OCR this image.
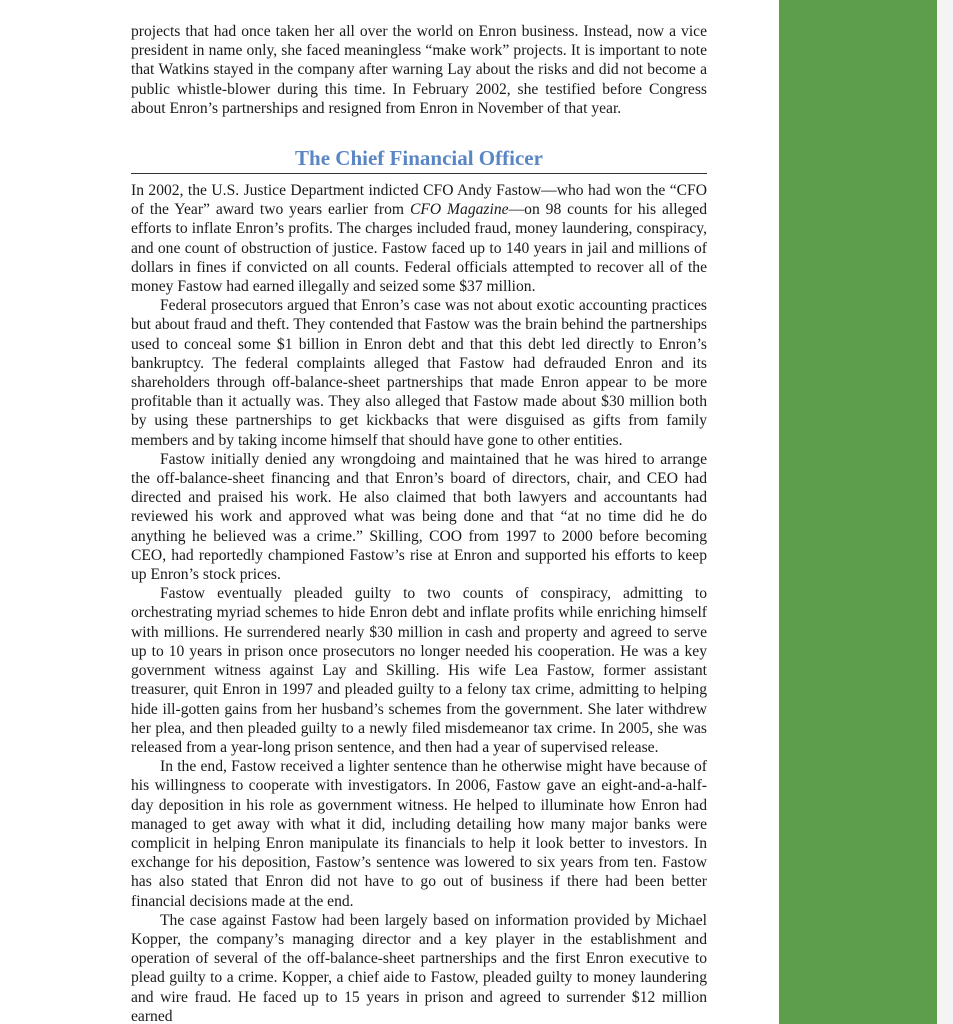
projects that had once taken her all over the world on Enron business. Instead, now a vice president in name only, she faced meaningless “make work” projects. It is important to note that Watkins stayed in the company after warning Lay about the risks and did not become a public whistle-blower during this time. In February 2002, she testified before Congress about Enron’s partnerships and resigned from Enron in November of that year.

The Chief Financial Officer

In 2002, the U.S. Justice Department indicted CFO Andy Fastow—who had won the “CFO of the Year” award two years earlier from CFO Magazine—on 98 counts for his alleged efforts to inflate Enron’s profits. The charges included fraud, money laundering, conspiracy, and one count of obstruction of justice. Fastow faced up to 140 years in jail and millions of dollars in fines if convicted on all counts. Federal officials attempted to recover all of the money Fastow had earned illegally and seized some $37 million.

Federal prosecutors argued that Enron’s case was not about exotic accounting practices but about fraud and theft. They contended that Fastow was the brain behind the partnerships used to conceal some $1 billion in Enron debt and that this debt led directly to Enron’s bankruptcy. The federal complaints alleged that Fastow had defrauded Enron and its shareholders through off-balance-sheet partnerships that made Enron appear to be more profitable than it actually was. They also alleged that Fastow made about $30 million both by using these partnerships to get kickbacks that were disguised as gifts from family members and by taking income himself that should have gone to other entities.

Fastow initially denied any wrongdoing and maintained that he was hired to arrange the off-balance-sheet financing and that Enron’s board of directors, chair, and CEO had directed and praised his work. He also claimed that both lawyers and accountants had reviewed his work and approved what was being done and that “at no time did he do anything he believed was a crime.” Skilling, COO from 1997 to 2000 before becoming CEO, had reportedly championed Fastow’s rise at Enron and supported his efforts to keep up Enron’s stock prices.

Fastow eventually pleaded guilty to two counts of conspiracy, admitting to orchestrating myriad schemes to hide Enron debt and inflate profits while enriching himself with millions. He surrendered nearly $30 million in cash and property and agreed to serve up to 10 years in prison once prosecutors no longer needed his cooperation. He was a key government witness against Lay and Skilling. His wife Lea Fastow, former assistant treasurer, quit Enron in 1997 and pleaded guilty to a felony tax crime, admitting to helping hide ill-gotten gains from her husband’s schemes from the government. She later withdrew her plea, and then pleaded guilty to a newly filed misdemeanor tax crime. In 2005, she was released from a year-long prison sentence, and then had a year of supervised release.

In the end, Fastow received a lighter sentence than he otherwise might have because of his willingness to cooperate with investigators. In 2006, Fastow gave an eight-and-a-half-day deposition in his role as government witness. He helped to illuminate how Enron had managed to get away with what it did, including detailing how many major banks were complicit in helping Enron manipulate its financials to help it look better to investors. In exchange for his deposition, Fastow’s sentence was lowered to six years from ten. Fastow has also stated that Enron did not have to go out of business if there had been better financial decisions made at the end.

The case against Fastow had been largely based on information provided by Michael Kopper, the company’s managing director and a key player in the establishment and operation of several of the off-balance-sheet partnerships and the first Enron executive to plead guilty to a crime. Kopper, a chief aide to Fastow, pleaded guilty to money laundering and wire fraud. He faced up to 15 years in prison and agreed to surrender $12 million earned
